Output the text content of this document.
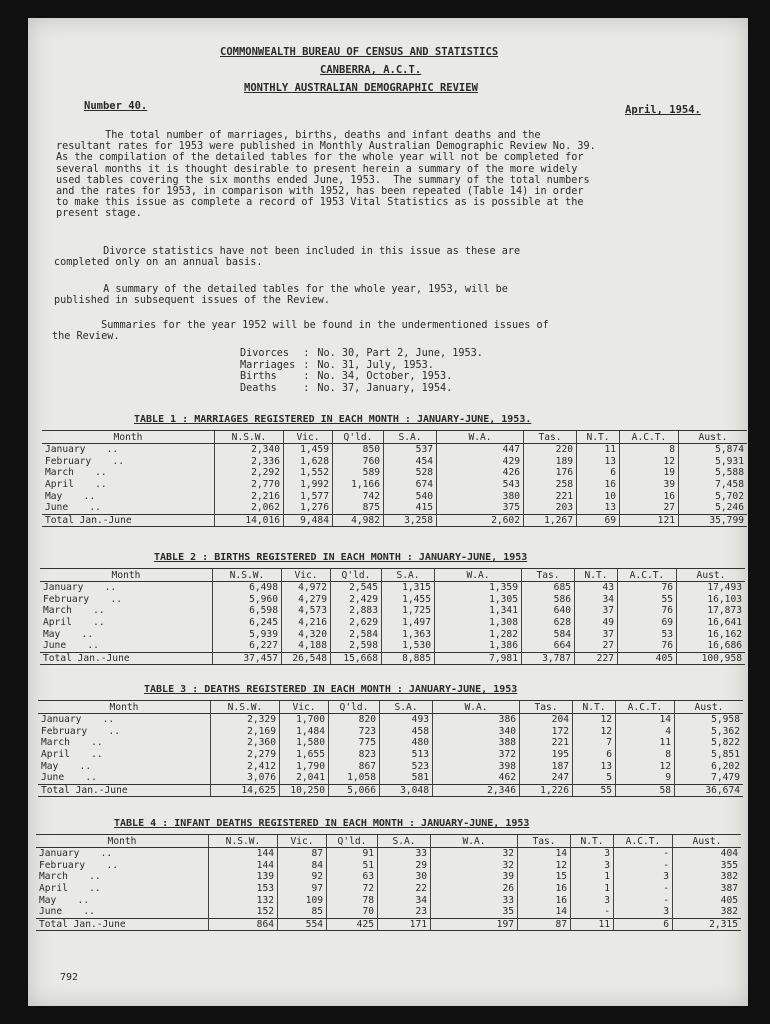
COMMONWEALTH BUREAU OF CENSUS AND STATISTICS
CANBERRA, A.C.T.
MONTHLY AUSTRALIAN DEMOGRAPHIC REVIEW
Number 40.	April, 1954.
The total number of marriages, births, deaths and infant deaths and the
resultant rates for 1953 were published in Monthly Australian Demographic Review No. 39.
As the compilation of the detailed tables for the whole year will not be completed for
several months it is thought desirable to present herein a summary of the more widely
used tables covering the six months ended June, 1953.  The summary of the total numbers
and the rates for 1953, in comparison with 1952, has been repeated (Table 14) in order
to make this issue as complete a record of 1953 Vital Statistics as is possible at the
present stage.
Divorce statistics have not been included in this issue as these are
completed only on an annual basis.
A summary of the detailed tables for the whole year, 1953, will be
published in subsequent issues of the Review.
Summaries for the year 1952 will be found in the undermentioned issues of
the Review.
Divorces	:	No. 30, Part 2, June, 1953.
Marriages	:	No. 31, July, 1953.
Births	:	No. 34, October, 1953.
Deaths	:	No. 37, January, 1954.
TABLE 1 : MARRIAGES REGISTERED IN EACH MONTH : JANUARY-JUNE, 1953.
Month	N.S.W.	Vic.	Q'ld.	S.A.	W.A.	Tas.	N.T.	A.C.T.	Aust.
January ..	2,340	1,459	850	537	447	220	11	8	5,874
February ..	2,336	1,628	760	454	429	189	13	12	5,931
March ..	2,292	1,552	589	528	426	176	6	19	5,588
April ..	2,770	1,992	1,166	674	543	258	16	39	7,458
May ..	2,216	1,577	742	540	380	221	10	16	5,702
June ..	2,062	1,276	875	415	375	203	13	27	5,246
Total Jan.-June	14,016	9,484	4,982	3,258	2,602	1,267	69	121	35,799
TABLE 2 : BIRTHS REGISTERED IN EACH MONTH : JANUARY-JUNE, 1953
Month	N.S.W.	Vic.	Q'ld.	S.A.	W.A.	Tas.	N.T.	A.C.T.	Aust.
January ..	6,498	4,972	2,545	1,315	1,359	685	43	76	17,493
February ..	5,960	4,279	2,429	1,455	1,305	586	34	55	16,103
March ..	6,598	4,573	2,883	1,725	1,341	640	37	76	17,873
April ..	6,245	4,216	2,629	1,497	1,308	628	49	69	16,641
May ..	5,939	4,320	2,584	1,363	1,282	584	37	53	16,162
June ..	6,227	4,188	2,598	1,530	1,386	664	27	76	16,686
Total Jan.-June	37,457	26,548	15,668	8,885	7,981	3,787	227	405	100,958
TABLE 3 : DEATHS REGISTERED IN EACH MONTH : JANUARY-JUNE, 1953
Month	N.S.W.	Vic.	Q'ld.	S.A.	W.A.	Tas.	N.T.	A.C.T.	Aust.
January ..	2,329	1,700	820	493	386	204	12	14	5,958
February ..	2,169	1,484	723	458	340	172	12	4	5,362
March ..	2,360	1,580	775	480	388	221	7	11	5,822
April ..	2,279	1,655	823	513	372	195	6	8	5,851
May ..	2,412	1,790	867	523	398	187	13	12	6,202
June ..	3,076	2,041	1,058	581	462	247	5	9	7,479
Total Jan.-June	14,625	10,250	5,066	3,048	2,346	1,226	55	58	36,674
TABLE 4 : INFANT DEATHS REGISTERED IN EACH MONTH : JANUARY-JUNE, 1953
Month	N.S.W.	Vic.	Q'ld.	S.A.	W.A.	Tas.	N.T.	A.C.T.	Aust.
January ..	144	87	91	33	32	14	3	-	404
February ..	144	84	51	29	32	12	3	-	355
March ..	139	92	63	30	39	15	1	3	382
April ..	153	97	72	22	26	16	1	-	387
May ..	132	109	78	34	33	16	3	-	405
June ..	152	85	70	23	35	14	-	3	382
Total Jan.-June	864	554	425	171	197	87	11	6	2,315
792
